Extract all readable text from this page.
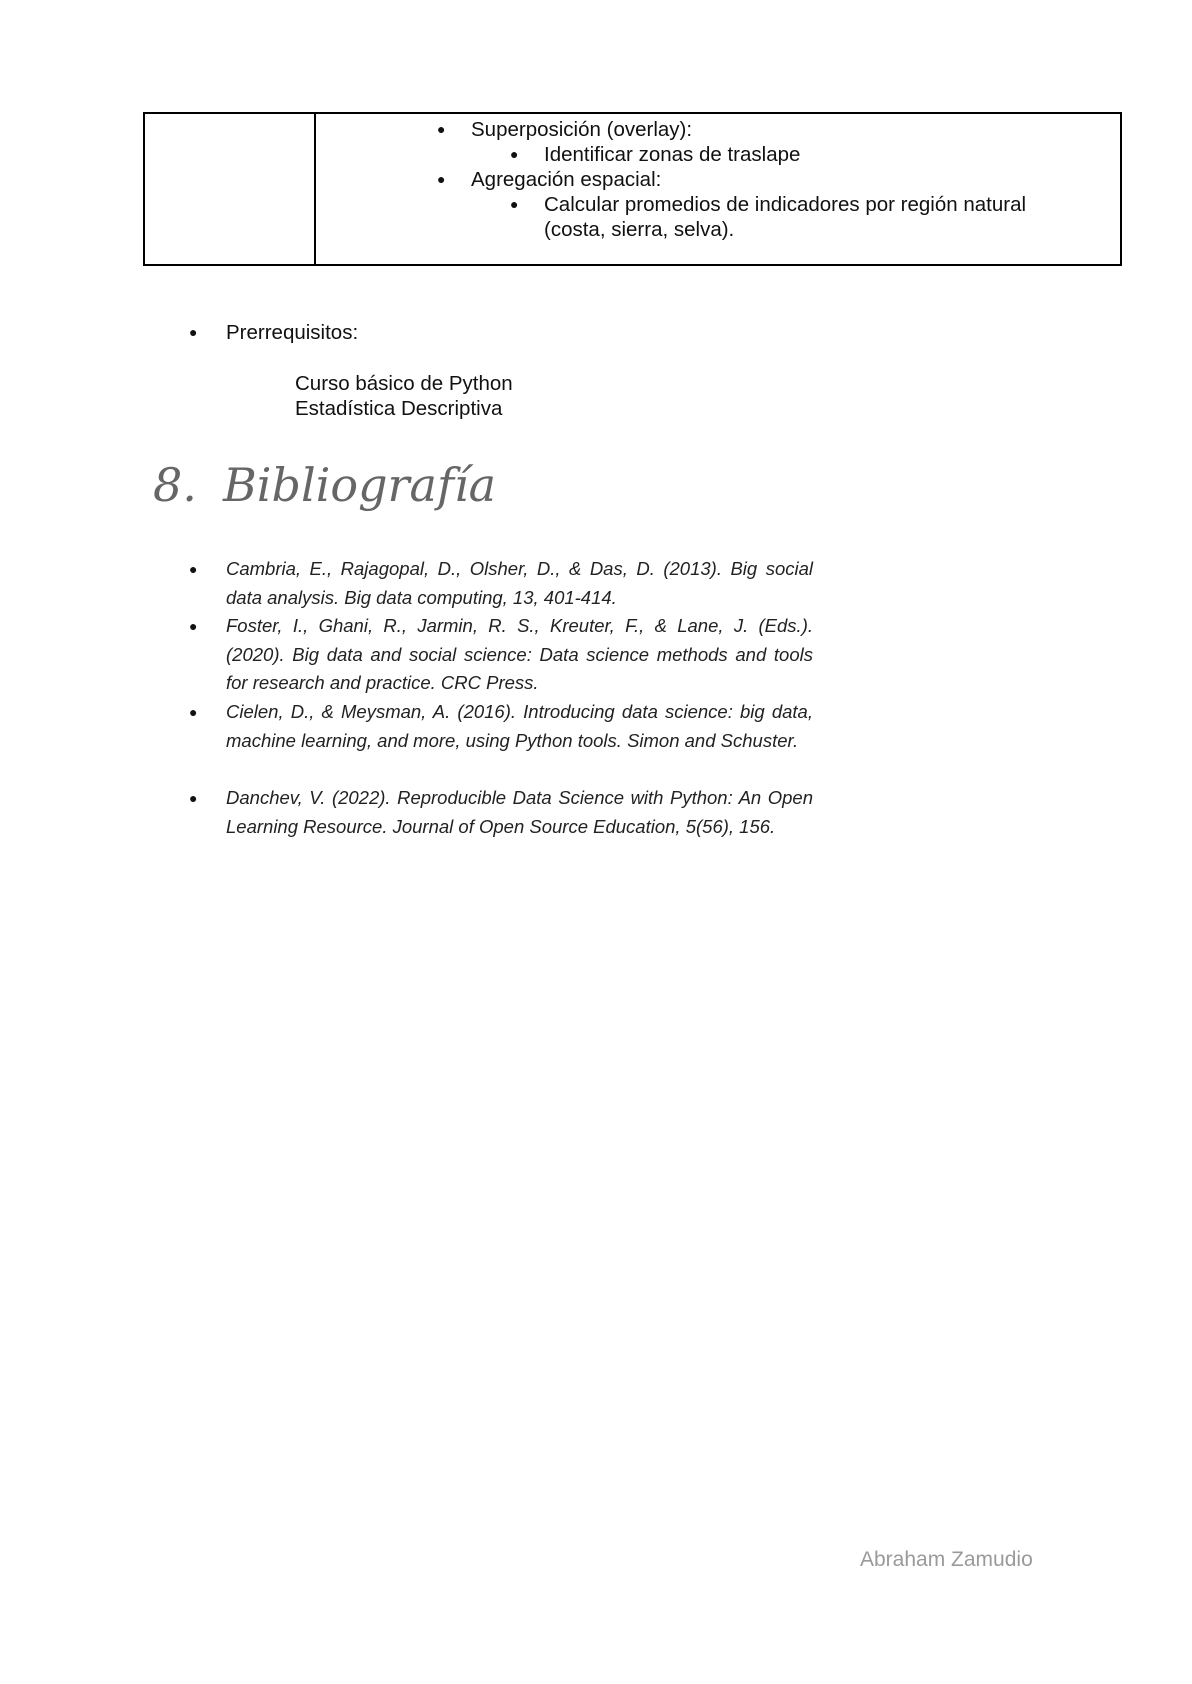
● Superposición (overlay):
● Identificar zonas de traslape
● Agregación espacial:
● Calcular promedios de indicadores por región natural
(costa, sierra, selva).
● Prerrequisitos:
Curso básico de Python
Estadística Descriptiva
8. Bibliografía
● Cambria, E., Rajagopal, D., Olsher, D., & Das, D. (2013). Big social data analysis. Big data computing, 13, 401-414.
● Foster, I., Ghani, R., Jarmin, R. S., Kreuter, F., & Lane, J. (Eds.). (2020). Big data and social science: Data science methods and tools for research and practice. CRC Press.
● Cielen, D., & Meysman, A. (2016). Introducing data science: big data, machine learning, and more, using Python tools. Simon and Schuster.
● Danchev, V. (2022). Reproducible Data Science with Python: An Open Learning Resource. Journal of Open Source Education, 5(56), 156.
Abraham Zamudio
